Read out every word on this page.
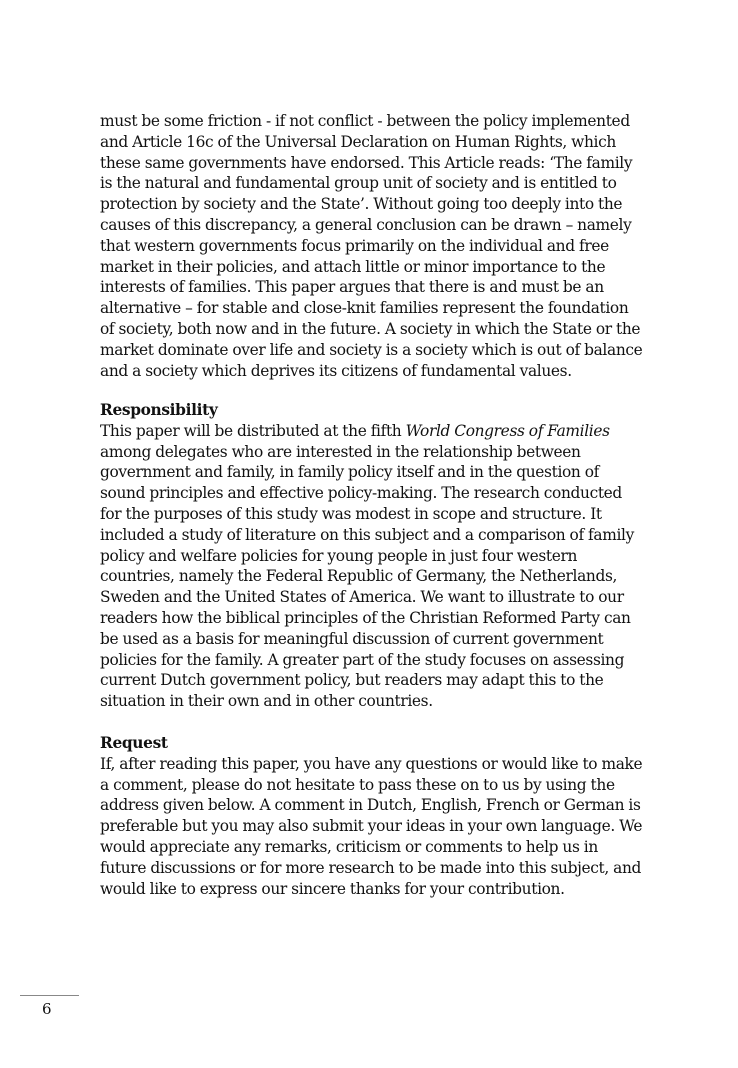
must be some friction - if not conflict - between the policy implemented and Article 16c of the Universal Declaration on Human Rights, which these same governments have endorsed. This Article reads: ‘The family is the natural and fundamental group unit of society and is entitled to protection by society and the State’. Without going too deeply into the causes of this discrepancy, a general conclusion can be drawn – namely that western governments focus primarily on the individual and free market in their policies, and attach little or minor importance to the interests of families. This paper argues that there is and must be an alternative – for stable and close-knit families represent the foundation of society, both now and in the future. A society in which the State or the market dominate over life and society is a society which is out of balance and a society which deprives its citizens of fundamental values.

Responsibility

This paper will be distributed at the fifth World Congress of Families among delegates who are interested in the relationship between government and family, in family policy itself and in the question of sound principles and effective policy-making. The research conducted for the purposes of this study was modest in scope and structure. It included a study of literature on this subject and a comparison of family policy and welfare policies for young people in just four western countries, namely the Federal Republic of Germany, the Netherlands, Sweden and the United States of America. We want to illustrate to our readers how the biblical principles of the Christian Reformed Party can be used as a basis for meaningful discussion of current government policies for the family. A greater part of the study focuses on assessing current Dutch government policy, but readers may adapt this to the situation in their own and in other countries.

Request

If, after reading this paper, you have any questions or would like to make a comment, please do not hesitate to pass these on to us by using the address given below. A comment in Dutch, English, French or German is preferable but you may also submit your ideas in your own language. We would appreciate any remarks, criticism or comments to help us in future discussions or for more research to be made into this subject, and would like to express our sincere thanks for your contribution.

6
